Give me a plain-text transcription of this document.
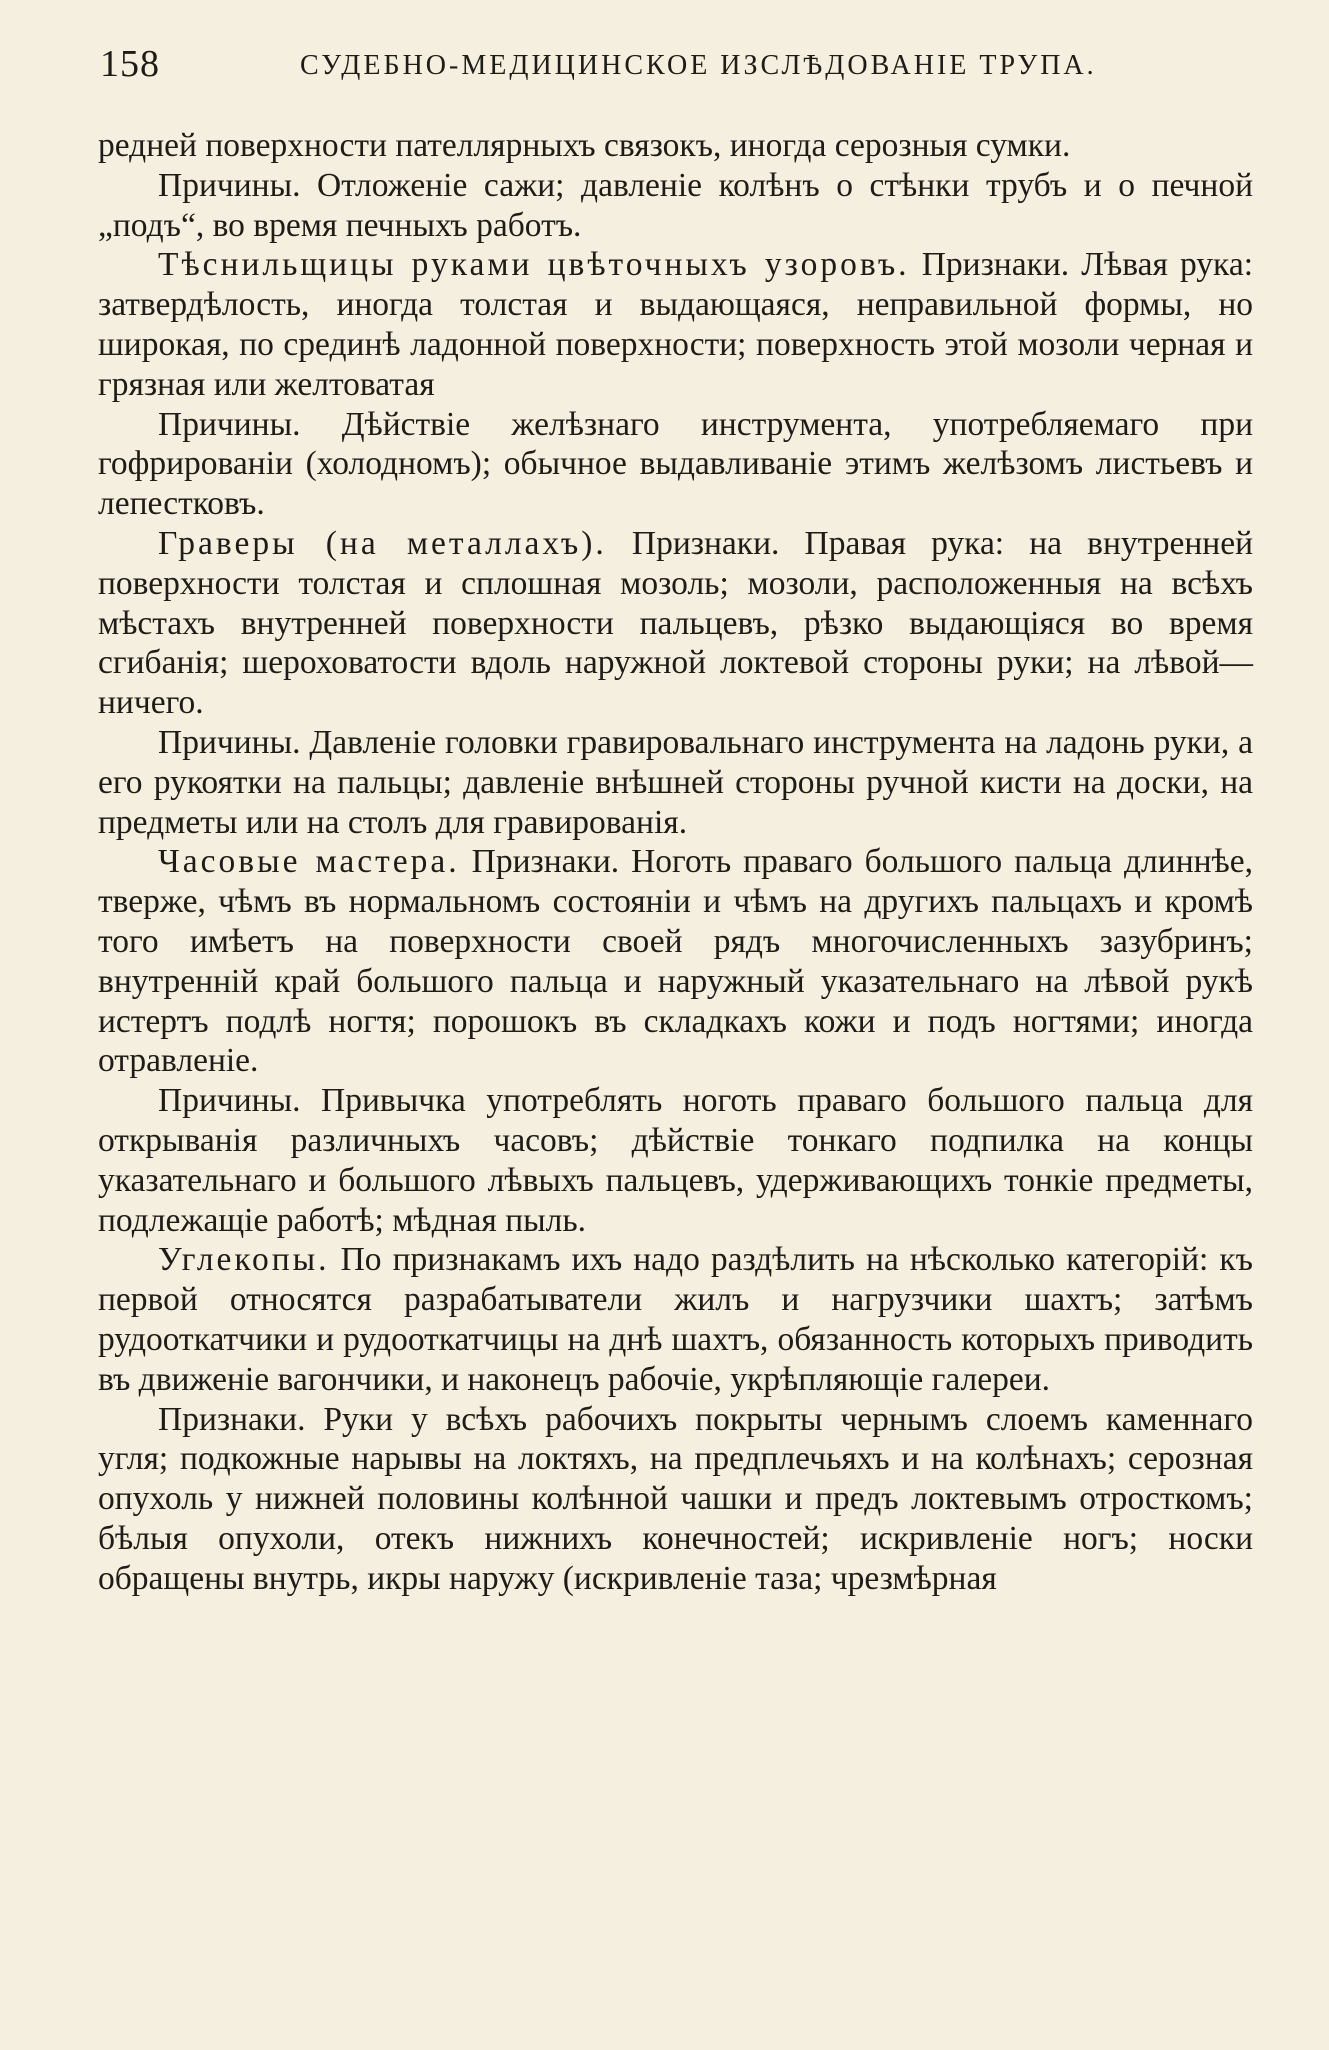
158	СУДЕБНО-МЕДИЦИНСКОЕ ИЗСЛѢДОВАНІЕ ТРУПА.

редней поверхности пателлярныхъ связокъ, иногда серозныя сумки.

Причины. Отложеніе сажи; давленіе колѣнъ о стѣнки трубъ и о печной „подъ“, во время печныхъ работъ.

Тѣснильщицы руками цвѣточныхъ узоровъ. Признаки. Лѣвая рука: затвердѣлость, иногда толстая и выдающаяся, неправильной формы, но широкая, по срединѣ ладонной поверхности; поверхность этой мозоли черная и грязная или желтоватая

Причины. Дѣйствіе желѣзнаго инструмента, употребляемаго при гофрированіи (холодномъ); обычное выдавливаніе этимъ желѣзомъ листьевъ и лепестковъ.

Граверы (на металлахъ). Признаки. Правая рука: на внутренней поверхности толстая и сплошная мозоль; мозоли, расположенныя на всѣхъ мѣстахъ внутренней поверхности пальцевъ, рѣзко выдающіяся во время сгибанія; шероховатости вдоль наружной локтевой стороны руки; на лѣвой—ничего.

Причины. Давленіе головки гравировальнаго инструмента на ладонь руки, а его рукоятки на пальцы; давленіе внѣшней стороны ручной кисти на доски, на предметы или на столъ для гравированія.

Часовые мастера. Признаки. Ноготь праваго большого пальца длиннѣе, тверже, чѣмъ въ нормальномъ состояніи и чѣмъ на другихъ пальцахъ и кромѣ того имѣетъ на поверхности своей рядъ многочисленныхъ зазубринъ; внутренній край большого пальца и наружный указательнаго на лѣвой рукѣ истертъ подлѣ ногтя; порошокъ въ складкахъ кожи и подъ ногтями; иногда отравленіе.

Причины. Привычка употреблять ноготь праваго большого пальца для открыванія различныхъ часовъ; дѣйствіе тонкаго подпилка на концы указательнаго и большого лѣвыхъ пальцевъ, удерживающихъ тонкіе предметы, подлежащіе работѣ; мѣдная пыль.

Углекопы. По признакамъ ихъ надо раздѣлить на нѣсколько категорій: къ первой относятся разрабатыватели жилъ и нагрузчики шахтъ; затѣмъ рудооткатчики и рудооткатчицы на днѣ шахтъ, обязанность которыхъ приводить въ движеніе вагончики, и наконецъ рабочіе, укрѣпляющіе галереи.

Признаки. Руки у всѣхъ рабочихъ покрыты чернымъ слоемъ каменнаго угля; подкожные нарывы на локтяхъ, на предплечьяхъ и на колѣнахъ; серозная опухоль у нижней половины колѣнной чашки и предъ локтевымъ отросткомъ; бѣлыя опухоли, отекъ нижнихъ конечностей; искривленіе ногъ; носки обращены внутрь, икры наружу (искривленіе таза; чрезмѣрная
